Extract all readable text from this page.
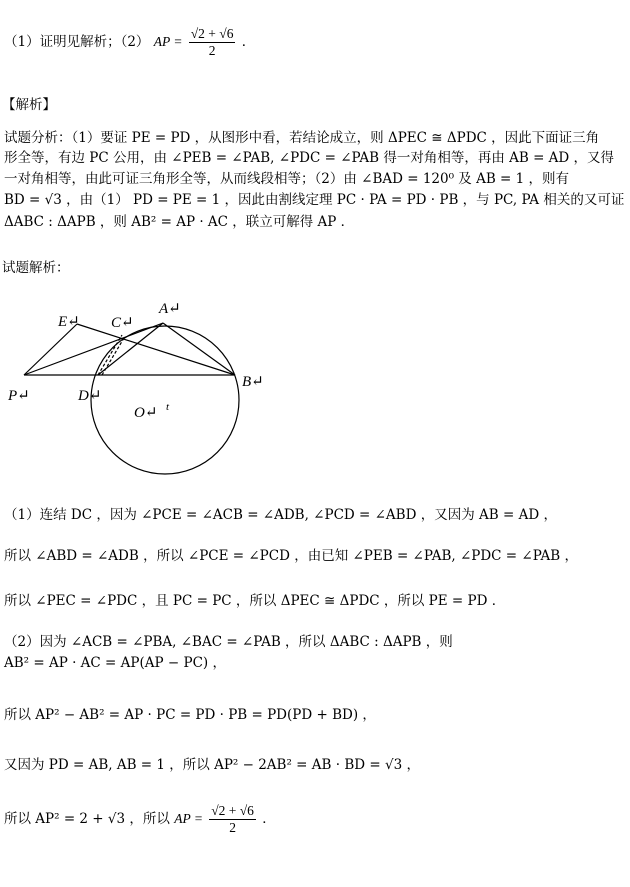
（1）证明见解析；（2） AP = $\frac{√2 + √6}{2}$ ．
【解析】
试题分析：（1）要证 PE = PD ，从图形中看，若结论成立，则 ΔPEC ≅ ΔPDC ，因此下面证三角
形全等，有边 PC 公用，由 ∠PEB = ∠PAB, ∠PDC = ∠PAB 得一对角相等，再由 AB = AD ，又得
一对角相等，由此可证三角形全等，从而线段相等；（2）由 ∠BAD = 120⁰ 及 AB = 1 ，则有
BD = √3 ，由（1） PD = PE = 1 ，因此由割线定理 PC · PA = PD · PB ，与 PC, PA 相关的又可证
ΔABC : ΔAPB ，则 AB² = AP · AC ，联立可解得 AP ．
试题解析：
E↵ C↵
A↵
P↵	D↵
B↵
O↵ t
（1）连结 DC ，因为 ∠PCE = ∠ACB = ∠ADB, ∠PCD = ∠ABD ，又因为 AB = AD ，
所以 ∠ABD = ∠ADB ，所以 ∠PCE = ∠PCD ，由已知 ∠PEB = ∠PAB, ∠PDC = ∠PAB ，
所以 ∠PEC = ∠PDC ，且 PC = PC ，所以 ΔPEC ≅ ΔPDC ，所以 PE = PD ．
（2）因为 ∠ACB = ∠PBA, ∠BAC = ∠PAB ，所以 ΔABC : ΔAPB ，则
AB² = AP · AC = AP(AP − PC) ，
所以 AP² − AB² = AP · PC = PD · PB = PD(PD + BD) ，
又因为 PD = AB, AB = 1 ，所以 AP² − 2AB² = AB · BD = √3 ，
所以 AP² = 2 + √3 ，所以 AP = $\frac{√2 + √6}{2}$ ．
